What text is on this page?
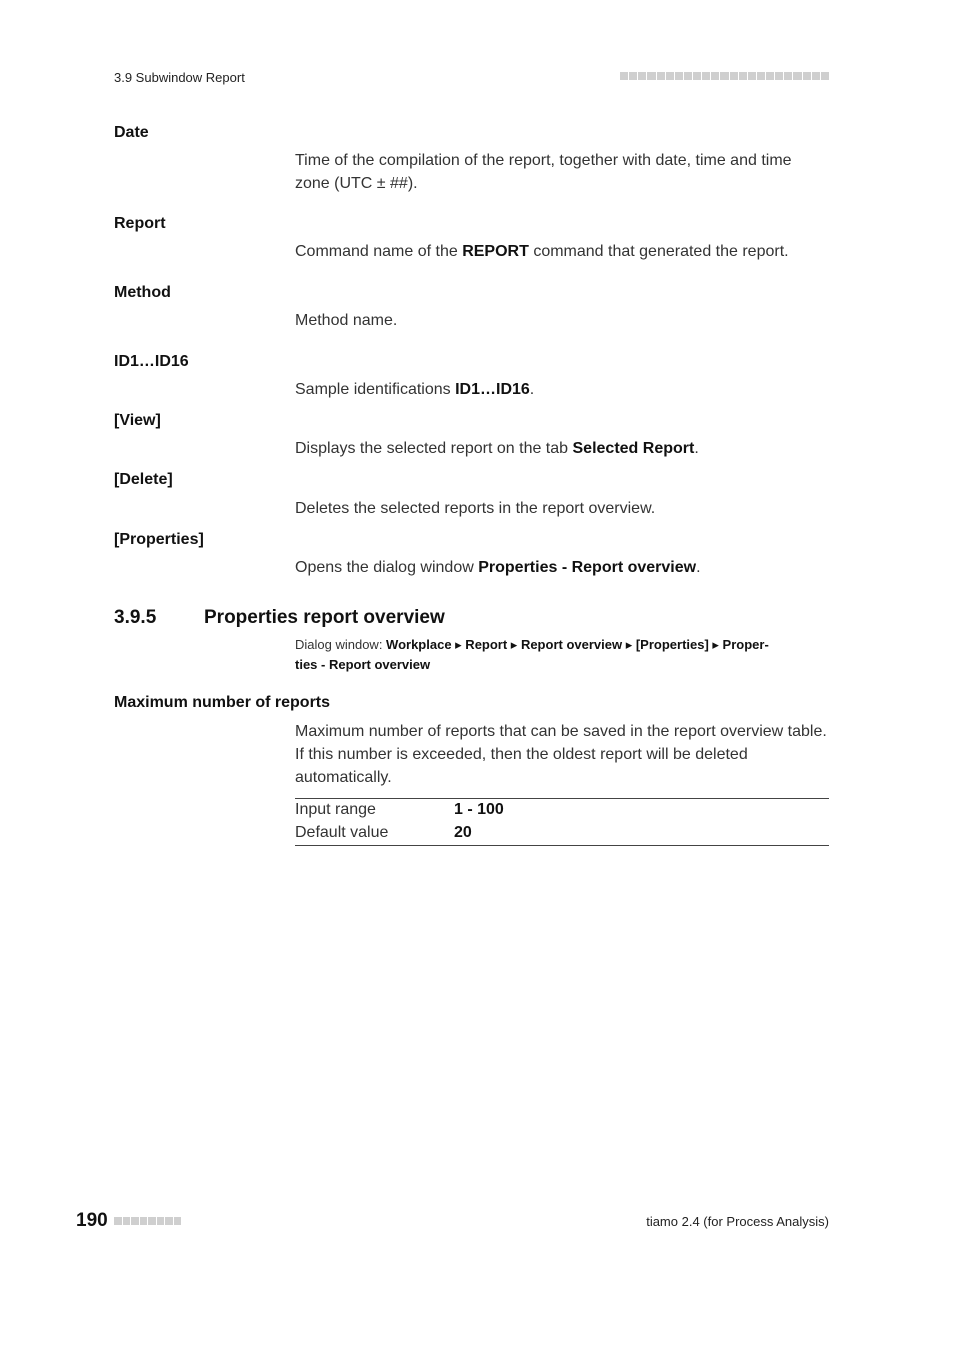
3.9 Subwindow Report
Date
Time of the compilation of the report, together with date, time and time zone (UTC ± ##).
Report
Command name of the REPORT command that generated the report.
Method
Method name.
ID1…ID16
Sample identifications ID1…ID16.
[View]
Displays the selected report on the tab Selected Report.
[Delete]
Deletes the selected reports in the report overview.
[Properties]
Opens the dialog window Properties - Report overview.
3.9.5	Properties report overview
Dialog window: Workplace ▸ Report ▸ Report overview ▸ [Properties] ▸ Proper-
ties - Report overview
Maximum number of reports
Maximum number of reports that can be saved in the report overview table. If this number is exceeded, then the oldest report will be deleted automatically.
Input range	1 - 100
Default value	20
190	tiamo 2.4 (for Process Analysis)
